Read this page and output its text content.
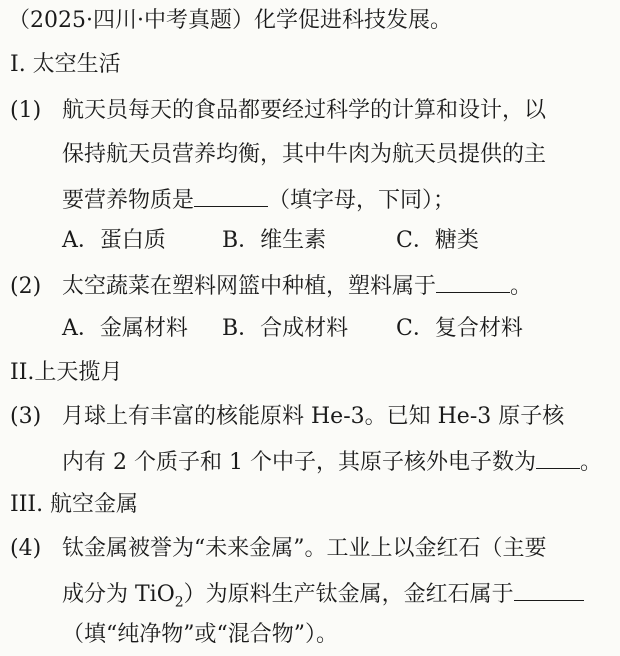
（2025·四川·中考真题）化学促进科技发展。
I. 太空生活
(1) 航天员每天的食品都要经过科学的计算和设计，以
保持航天员营养均衡，其中牛肉为航天员提供的主
要营养物质是	（填字母，下同）；
A．蛋白质	B．维生素	C．糖类
(2) 太空蔬菜在塑料网篮中种植，塑料属于	。
A．金属材料 B．合成材料 C．复合材料
II.上天揽月
(3) 月球上有丰富的核能原料 He-3。已知 He-3 原子核
内有 2 个质子和 1 个中子，其原子核外电子数为 。
III. 航空金属
(4) 钛金属被誉为“未来金属”。工业上以金红石（主要
成分为 TiO$_2$）为原料生产钛金属，金红石属于
（填“纯净物”或“混合物”）。
